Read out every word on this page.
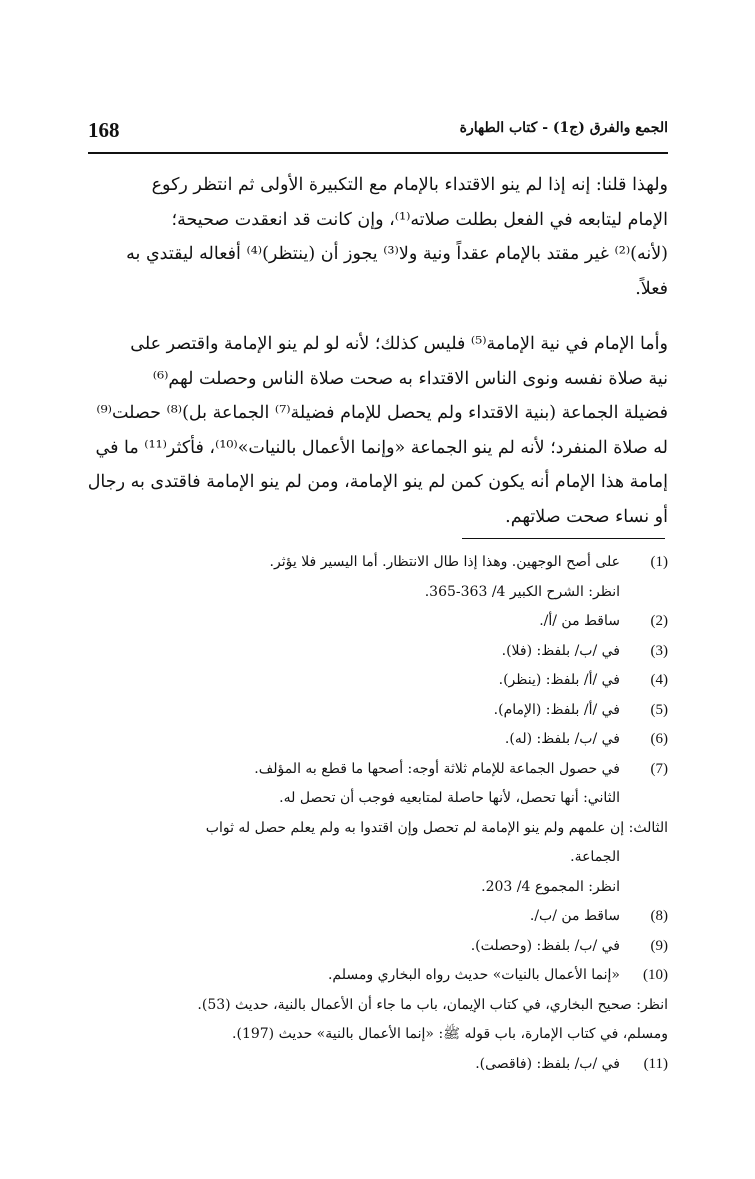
168	الجمع والفرق (ج1) - كتاب الطهارة
ولهذا قلنا: إنه إذا لم ينو الاقتداء بالإمام مع التكبيرة الأولى ثم انتظر ركوع
الإمام ليتابعه في الفعل بطلت صلاته⁽¹⁾، وإن كانت قد انعقدت صحيحة؛
(لأنه)⁽²⁾ غير مقتد بالإمام عقداً ونية ولا⁽³⁾ يجوز أن (ينتظر)⁽⁴⁾ أفعاله ليقتدي به
فعلاً.
وأما الإمام في نية الإمامة⁽⁵⁾ فليس كذلك؛ لأنه لو لم ينو الإمامة واقتصر على
نية صلاة نفسه ونوى الناس الاقتداء به صحت صلاة الناس وحصلت لهم⁽⁶⁾
فضيلة الجماعة (بنية الاقتداء ولم يحصل للإمام فضيلة⁽⁷⁾ الجماعة بل)⁽⁸⁾ حصلت⁽⁹⁾
له صلاة المنفرد؛ لأنه لم ينو الجماعة «وإنما الأعمال بالنيات»⁽¹⁰⁾، فأكثر⁽¹¹⁾ ما في
إمامة هذا الإمام أنه يكون كمن لم ينو الإمامة، ومن لم ينو الإمامة فاقتدى به رجال
أو نساء صحت صلاتهم.
(1)
على أصح الوجهين. وهذا إذا طال الانتظار. أما اليسير فلا يؤثر.
انظر: الشرح الكبير 4/ 363-365.
(2)
ساقط من /أ/.
(3)
في /ب/ بلفظ: (فلا).
(4)
في /أ/ بلفظ: (ينظر).
(5)
في /أ/ بلفظ: (الإمام).
(6)
في /ب/ بلفظ: (له).
(7)
في حصول الجماعة للإمام ثلاثة أوجه: أصحها ما قطع به المؤلف.
الثاني: أنها تحصل، لأنها حاصلة لمتابعيه فوجب أن تحصل له.
الثالث: إن علمهم ولم ينو الإمامة لم تحصل وإن اقتدوا به ولم يعلم حصل له ثواب
الجماعة.
انظر: المجموع 4/ 203.
(8)
ساقط من /ب/.
(9)
في /ب/ بلفظ: (وحصلت).
(10)
«إنما الأعمال بالنيات» حديث رواه البخاري ومسلم.
انظر: صحيح البخاري، في كتاب الإيمان، باب ما جاء أن الأعمال بالنية، حديث (53).
ومسلم، في كتاب الإمارة، باب قوله ﷺ: «إنما الأعمال بالنية» حديث (197).
(11)
في /ب/ بلفظ: (فاقصى).
